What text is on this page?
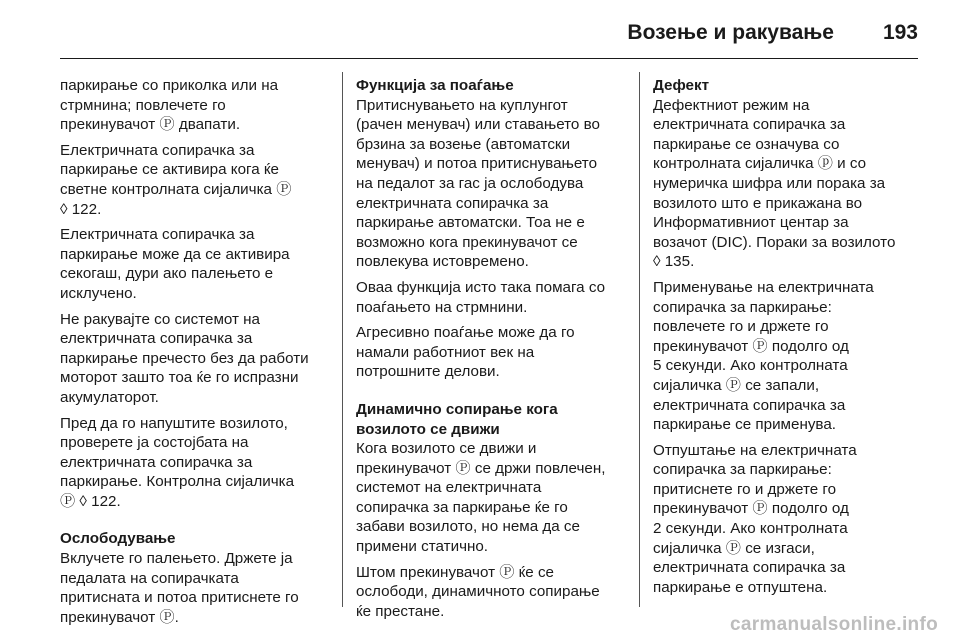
Возење и ракување 193

паркирање со приколка или на
стрмнина; повлечете го
прекинувачот Ⓟ двапати.

Електричната сопирачка за
паркирање се активира кога ќе
светне контролната сијаличка Ⓟ
◊ 122.

Електричната сопирачка за
паркирање може да се активира
секогаш, дури ако палењето е
исклучено.

Не ракувајте со системот на
електричната сопирачка за
паркирање пречесто без да работи
моторот зашто тоа ќе го испразни
акумулаторот.

Пред да го напуштите возилото,
проверете ја состојбата на
електричната сопирачка за
паркирање. Контролна сијаличка
Ⓟ ◊ 122.

Ослободување

Вклучете го палењето. Држете ја
педалата на сопирачката
притисната и потоа притиснете го
прекинувачот Ⓟ.

Функција за поаѓање

Притиснувањето на куплунгот
(рачен менувач) или ставањето во
брзина за возење (автоматски
менувач) и потоа притиснувањето
на педалот за гас ја ослободува
електричната сопирачка за
паркирање автоматски. Тоа не е
возможно кога прекинувачот се
повлекува истовремено.

Оваа функција исто така помага со
поаѓањето на стрмнини.

Агресивно поаѓање може да го
намали работниот век на
потрошните делови.

Динамично сопирање кога
возилото се движи

Кога возилото се движи и
прекинувачот Ⓟ се држи повлечен,
системот на електричната
сопирачка за паркирање ќе го
забави возилото, но нема да се
примени статично.

Штом прекинувачот Ⓟ ќе се
ослободи, динамичното сопирање
ќе престане.

Дефект

Дефектниот режим на
електричната сопирачка за
паркирање се означува со
контролната сијаличка ⓟ и со
нумеричка шифра или порака за
возилото што е прикажана во
Информативниот центар за
возачот (DIC). Пораки за возилото
◊ 135.

Применување на електричната
сопирачка за паркирање:
повлечете го и држете го
прекинувачот Ⓟ подолго од
5 секунди. Ако контролната
сијаличка Ⓟ се запали,
електричната сопирачка за
паркирање се применува.

Отпуштање на електричната
сопирачка за паркирање:
притиснете го и држете го
прекинувачот Ⓟ подолго од
2 секунди. Ако контролната
сијаличка Ⓟ се изгаси,
електричната сопирачка за
паркирање е отпуштена.

carmanualsonline.info
